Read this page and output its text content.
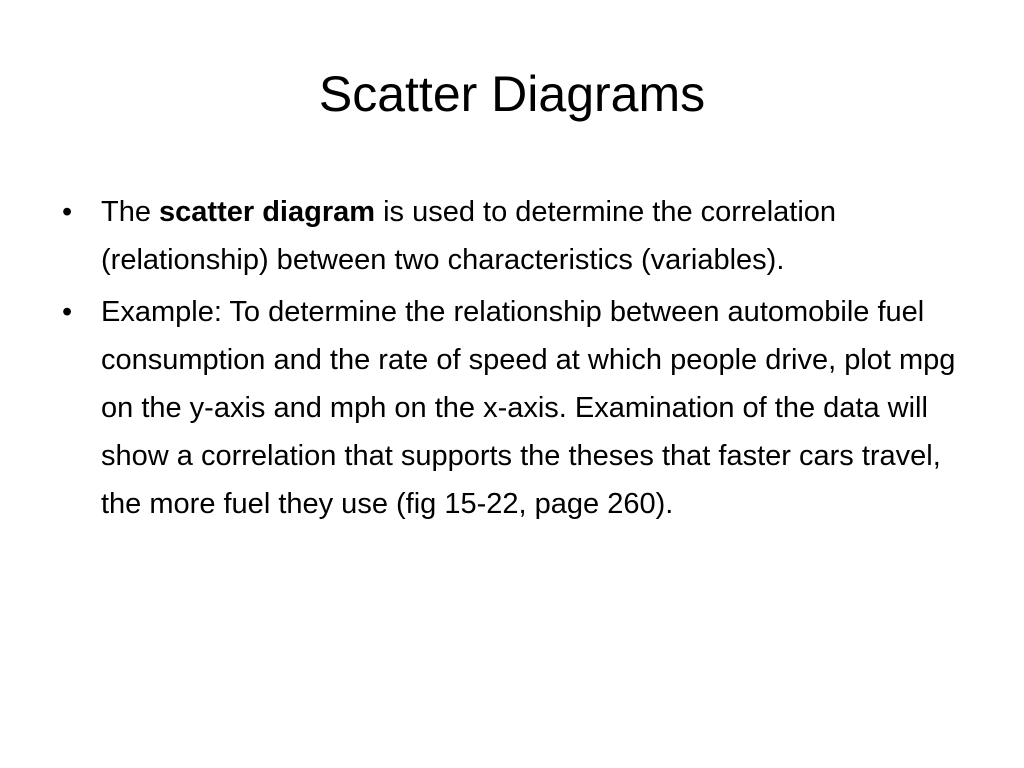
Scatter Diagrams
• The scatter diagram is used to determine the correlation (relationship) between two characteristics (variables).
• Example: To determine the relationship between automobile fuel consumption and the rate of speed at which people drive, plot mpg on the y-axis and mph on the x-axis. Examination of the data will show a correlation that supports the theses that faster cars travel, the more fuel they use (fig 15-22, page 260).
